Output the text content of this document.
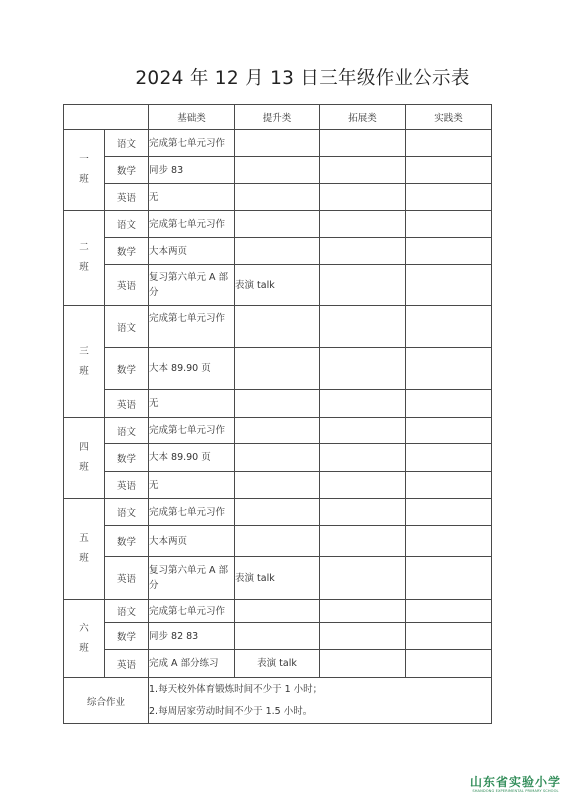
2024 年 12 月 13 日三年级作业公示表
		基础类	提升类	拓展类	实践类
一
班	语文	完成第七单元习作			
	数学	同步 83			
	英语	无			
二
班	语文	完成第七单元习作			
	数学	大本两页			
	英语	复习第六单元 A 部分	表演 talk		
三
班	语文	完成第七单元习作			
	数学	大本 89.90 页			
	英语	无			
四
班	语文	完成第七单元习作			
	数学	大本 89.90 页			
	英语	无			
五
班	语文	完成第七单元习作			
	数学	大本两页			
	英语	复习第六单元 A 部分	表演 talk		
六
班	语文	完成第七单元习作			
	数学	同步 82 83			
	英语	完成 A 部分练习	表演 talk		
综合作业		1.每天校外体育锻炼时间不少于 1 小时；
2.每周居家劳动时间不少于 1.5 小时。			
山东省实验小学
SHANDONG EXPERIMENTAL PRIMARY SCHOOL
